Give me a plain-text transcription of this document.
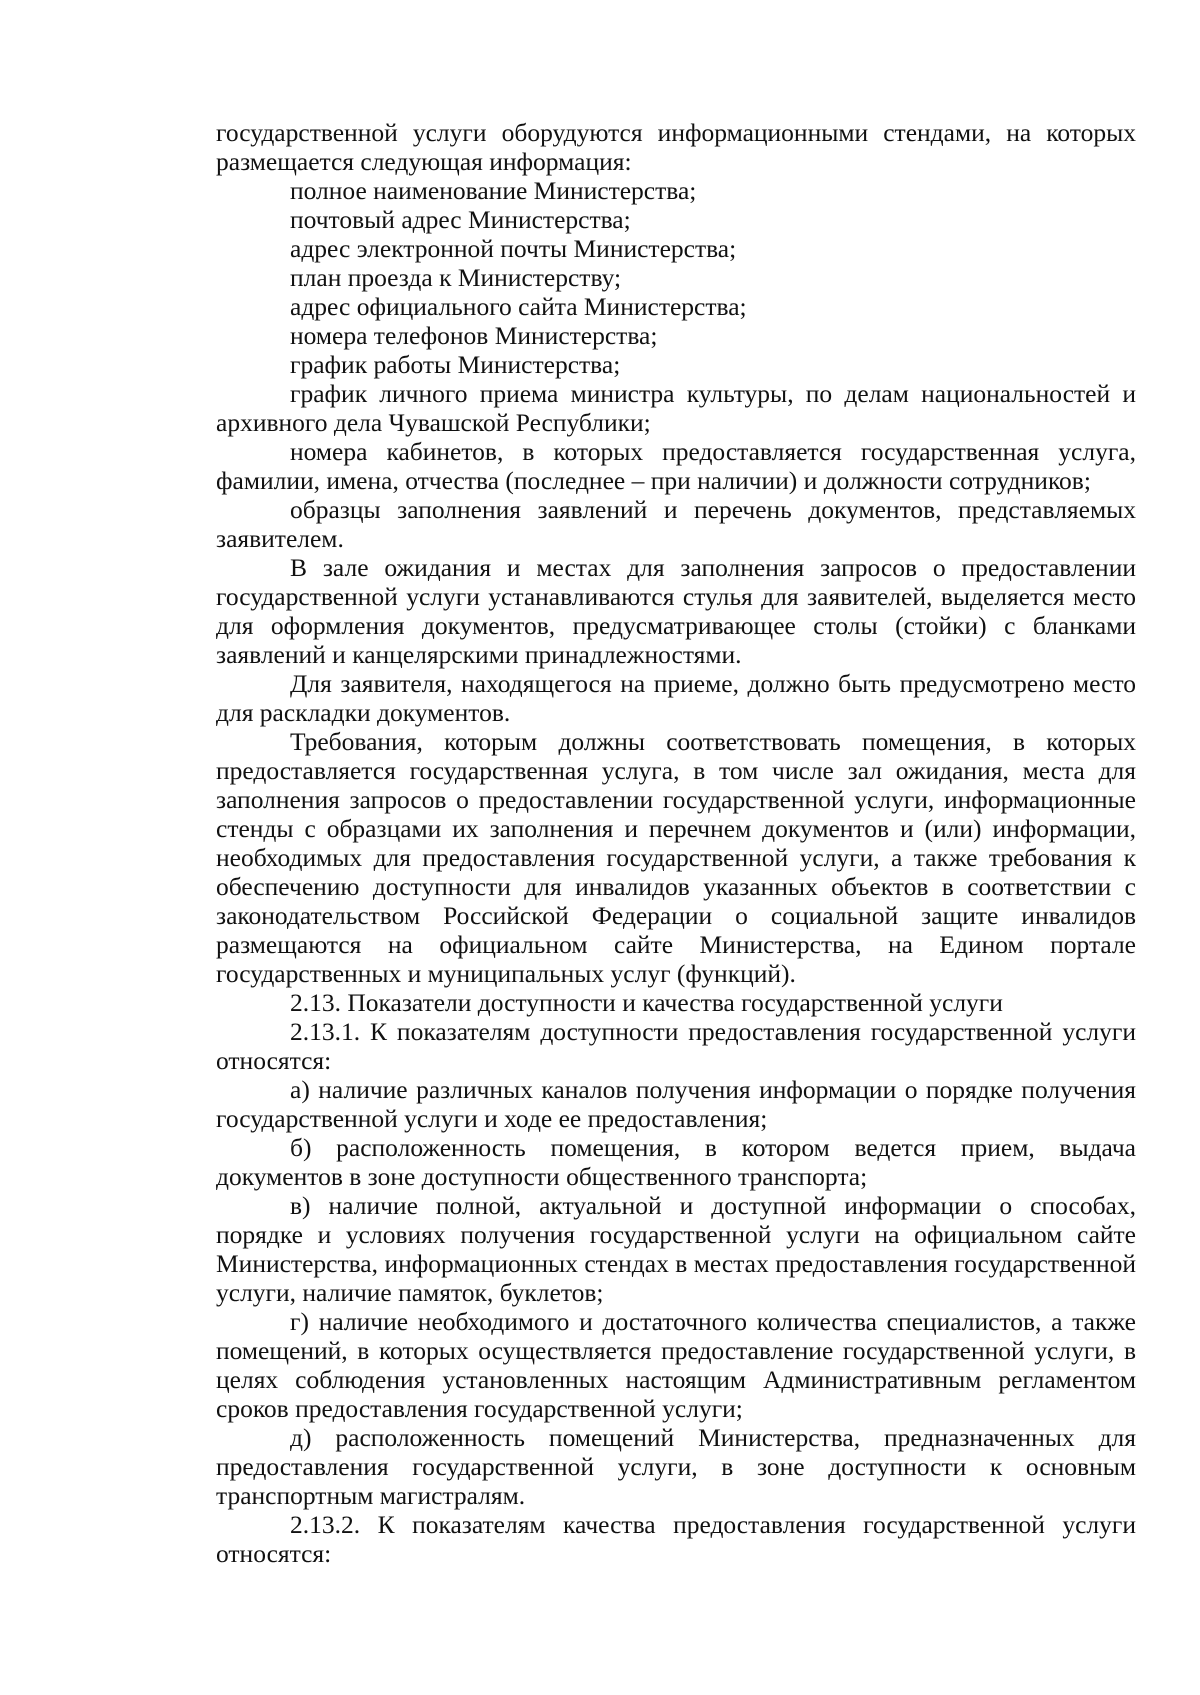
государственной услуги оборудуются информационными стендами, на которых размещается следующая информация:

полное наименование Министерства;

почтовый адрес Министерства;

адрес электронной почты Министерства;

план проезда к Министерству;

адрес официального сайта Министерства;

номера телефонов Министерства;

график работы Министерства;

график личного приема министра культуры, по делам национальностей и архивного дела Чувашской Республики;

номера кабинетов, в которых предоставляется государственная услуга, фамилии, имена, отчества (последнее – при наличии) и должности сотрудников;

образцы заполнения заявлений и перечень документов, представляемых заявителем.

В зале ожидания и местах для заполнения запросов о предоставлении государственной услуги устанавливаются стулья для заявителей, выделяется место для оформления документов, предусматривающее столы (стойки) с бланками заявлений и канцелярскими принадлежностями.

Для заявителя, находящегося на приеме, должно быть предусмотрено место для раскладки документов.

Требования, которым должны соответствовать помещения, в которых предоставляется государственная услуга, в том числе зал ожидания, места для заполнения запросов о предоставлении государственной услуги, информационные стенды с образцами их заполнения и перечнем документов и (или) информации, необходимых для предоставления государственной услуги, а также требования к обеспечению доступности для инвалидов указанных объектов в соответствии с законодательством Российской Федерации о социальной защите инвалидов размещаются на официальном сайте Министерства, на Едином портале государственных и муниципальных услуг (функций).

2.13. Показатели доступности и качества государственной услуги

2.13.1. К показателям доступности предоставления государственной услуги относятся:

а) наличие различных каналов получения информации о порядке получения государственной услуги и ходе ее предоставления;

б) расположенность помещения, в котором ведется прием, выдача документов в зоне доступности общественного транспорта;

в) наличие полной, актуальной и доступной информации о способах, порядке и условиях получения государственной услуги на официальном сайте Министерства, информационных стендах в местах предоставления государственной услуги, наличие памяток, буклетов;

г) наличие необходимого и достаточного количества специалистов, а также помещений, в которых осуществляется предоставление государственной услуги, в целях соблюдения установленных настоящим Административным регламентом сроков предоставления государственной услуги;

д) расположенность помещений Министерства, предназначенных для предоставления государственной услуги, в зоне доступности к основным транспортным магистралям.

2.13.2. К показателям качества предоставления государственной услуги относятся:
